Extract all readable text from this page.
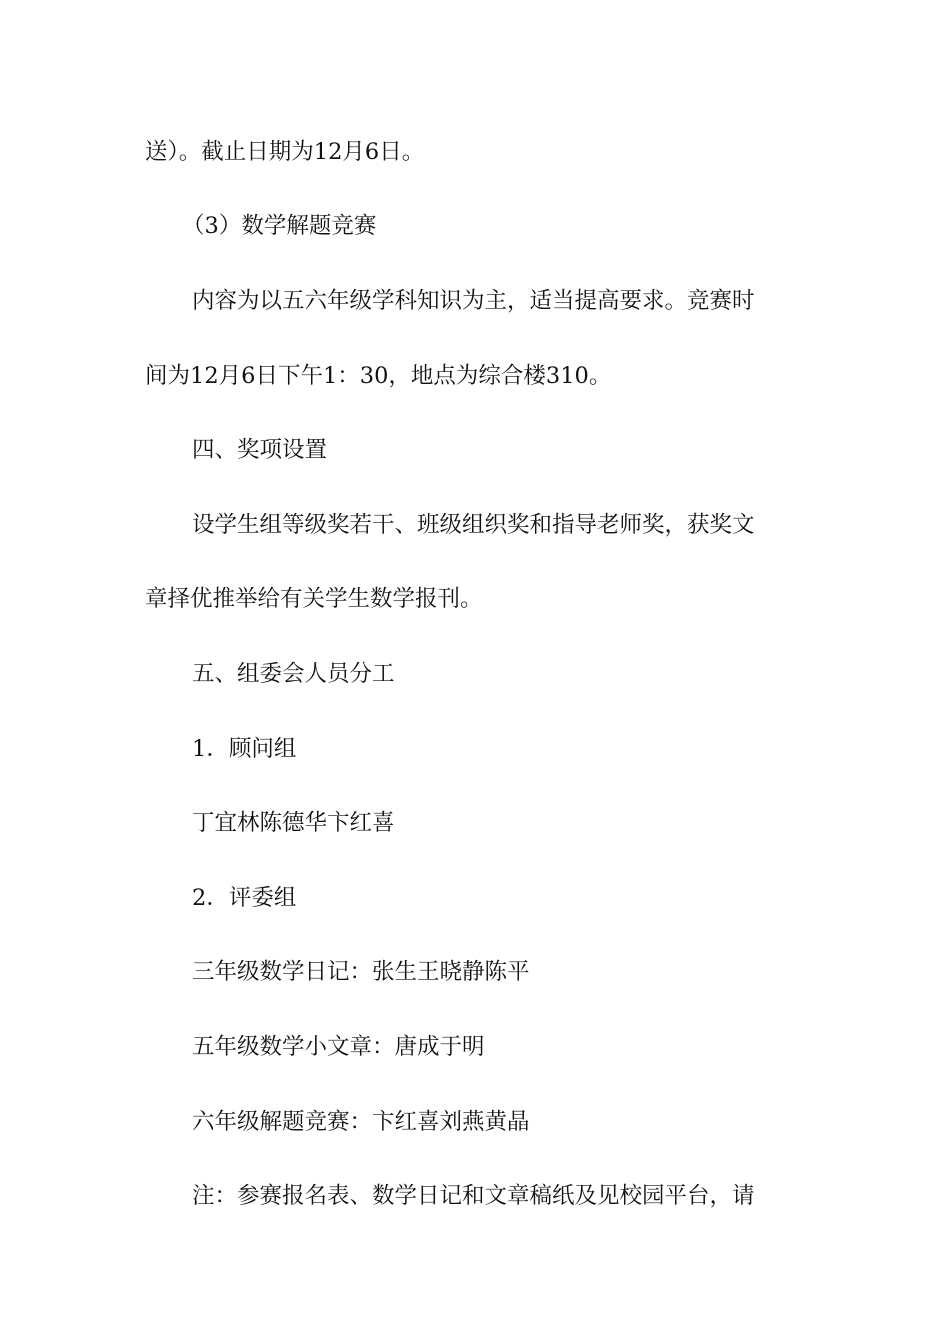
送）。截止日期为12月6日。
（3）数学解题竞赛
内容为以五六年级学科知识为主，适当提高要求。竞赛时
间为12月6日下午1：30，地点为综合楼310。
四、奖项设置
设学生组等级奖若干、班级组织奖和指导老师奖，获奖文
章择优推举给有关学生数学报刊。
五、组委会人员分工
1．顾问组
丁宜林陈德华卞红喜
2．评委组
三年级数学日记：张生王晓静陈平
五年级数学小文章：唐成于明
六年级解题竞赛：卞红喜刘燕黄晶
注：参赛报名表、数学日记和文章稿纸及见校园平台，请
